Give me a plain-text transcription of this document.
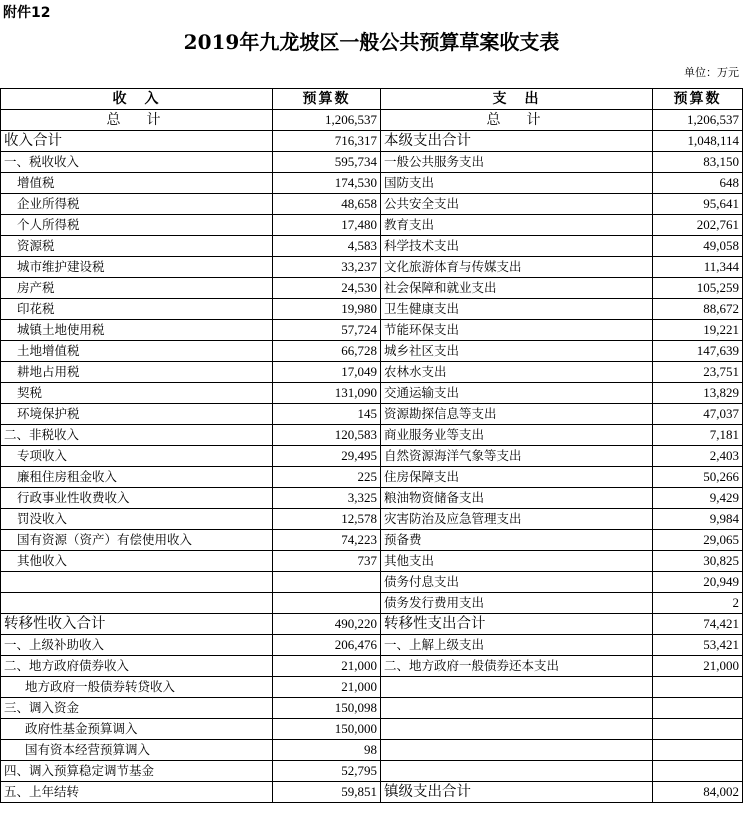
附件12
2019年九龙坡区一般公共预算草案收支表
单位：万元
收　入	预算数	支　出	预算数
总　计	1,206,537	总　计	1,206,537
收入合计	716,317	本级支出合计	1,048,114
一、税收收入	595,734	一般公共服务支出	83,150
增值税	174,530	国防支出	648
企业所得税	48,658	公共安全支出	95,641
个人所得税	17,480	教育支出	202,761
资源税	4,583	科学技术支出	49,058
城市维护建设税	33,237	文化旅游体育与传媒支出	11,344
房产税	24,530	社会保障和就业支出	105,259
印花税	19,980	卫生健康支出	88,672
城镇土地使用税	57,724	节能环保支出	19,221
土地增值税	66,728	城乡社区支出	147,639
耕地占用税	17,049	农林水支出	23,751
契税	131,090	交通运输支出	13,829
环境保护税	145	资源勘探信息等支出	47,037
二、非税收入	120,583	商业服务业等支出	7,181
专项收入	29,495	自然资源海洋气象等支出	2,403
廉租住房租金收入	225	住房保障支出	50,266
行政事业性收费收入	3,325	粮油物资储备支出	9,429
罚没收入	12,578	灾害防治及应急管理支出	9,984
国有资源（资产）有偿使用收入	74,223	预备费	29,065
其他收入	737	其他支出	30,825
		债务付息支出	20,949
		债务发行费用支出	2
转移性收入合计	490,220	转移性支出合计	74,421
一、上级补助收入	206,476	一、上解上级支出	53,421
二、地方政府债券收入	21,000	二、地方政府一般债券还本支出	21,000
地方政府一般债券转贷收入	21,000		
三、调入资金	150,098		
政府性基金预算调入	150,000		
国有资本经营预算调入	98		
四、调入预算稳定调节基金	52,795		
五、上年结转	59,851	镇级支出合计	84,002
